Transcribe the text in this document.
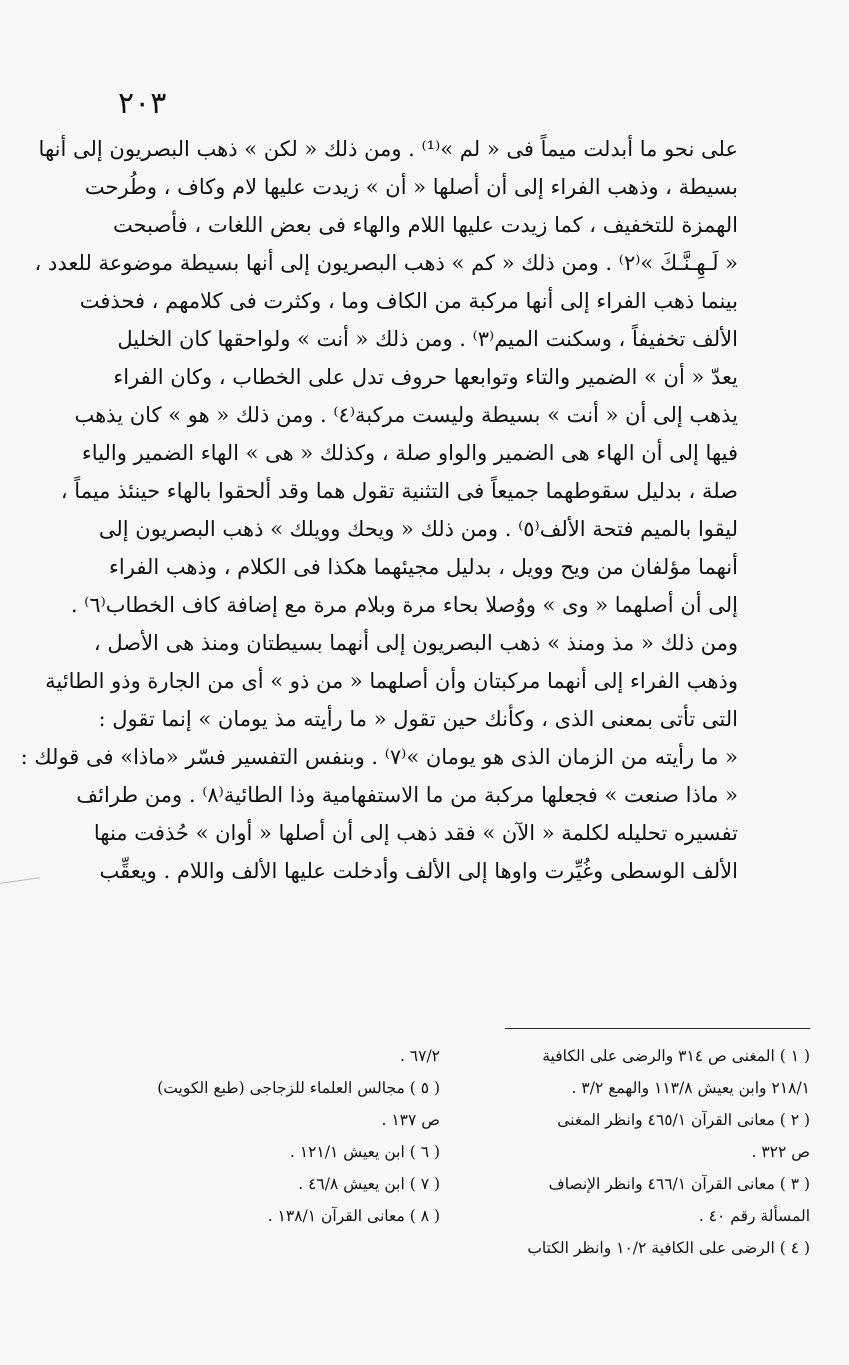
٢٠٣
على نحو ما أبدلت ميماً فى « لم »⁽¹⁾ . ومن ذلك « لكن » ذهب البصريون إلى أنها
بسيطة ، وذهب الفراء إلى أن أصلها « أن » زيدت عليها لام وكاف ، وطُرحت
الهمزة للتخفيف ، كما زيدت عليها اللام والهاء فى بعض اللغات ، فأصبحت
« لَـهِـنَّـكَ »⁽٢⁾ . ومن ذلك « كم » ذهب البصريون إلى أنها بسيطة موضوعة للعدد ،
بينما ذهب الفراء إلى أنها مركبة من الكاف وما ، وكثرت فى كلامهم ، فحذفت
الألف تخفيفاً ، وسكنت الميم⁽٣⁾ . ومن ذلك « أنت » ولواحقها كان الخليل
يعدّ « أن » الضمير والتاء وتوابعها حروف تدل على الخطاب ، وكان الفراء
يذهب إلى أن « أنت » بسيطة وليست مركبة⁽٤⁾ . ومن ذلك « هو » كان يذهب
فيها إلى أن الهاء هى الضمير والواو صلة ، وكذلك « هى » الهاء الضمير والياء
صلة ، بدليل سقوطهما جميعاً فى التثنية تقول هما وقد ألحقوا بالهاء حينئذ ميماً ،
ليقوا بالميم فتحة الألف⁽٥⁾ . ومن ذلك « ويحك وويلك » ذهب البصريون إلى
أنهما مؤلفان من ويح وويل ، بدليل مجيئهما هكذا فى الكلام ، وذهب الفراء
إلى أن أصلهما « وى » ووُصلا بحاء مرة وبلام مرة مع إضافة كاف الخطاب⁽٦⁾ .
ومن ذلك « مذ ومنذ » ذهب البصريون إلى أنهما بسيطتان ومنذ هى الأصل ،
وذهب الفراء إلى أنهما مركبتان وأن أصلهما « من ذو » أى من الجارة وذو الطائية
التى تأتى بمعنى الذى ، وكأنك حين تقول « ما رأيته مذ يومان » إنما تقول :
« ما رأيته من الزمان الذى هو يومان »⁽٧⁾ . وبنفس التفسير فسّر «ماذا» فى قولك :
« ماذا صنعت » فجعلها مركبة من ما الاستفهامية وذا الطائية⁽٨⁾ . ومن طرائف
تفسيره تحليله لكلمة « الآن » فقد ذهب إلى أن أصلها « أوان » حُذفت منها
الألف الوسطى وغُيِّرت واوها إلى الألف وأدخلت عليها الألف واللام . ويعقِّب
( ١ ) المغنى ص ٣١٤ والرضى على الكافية
٢١٨/١ وابن يعيش ١١٣/٨ والهمع ٣/٢ .
( ٢ ) معانى القرآن ٤٦٥/١ وانظر المغنى
ص ٣٢٢ .
( ٣ ) معانى القرآن ٤٦٦/١ وانظر الإنصاف
المسألة رقم ٤٠ .
( ٤ ) الرضى على الكافية ١٠/٢ وانظر الكتاب
٦٧/٢ .
( ٥ ) مجالس العلماء للزجاجى (طبع الكويت)
ص ١٣٧ .
( ٦ ) ابن يعيش ١٢١/١ .
( ٧ ) ابن يعيش ٤٦/٨ .
( ٨ ) معانى القرآن ١٣٨/١ .
